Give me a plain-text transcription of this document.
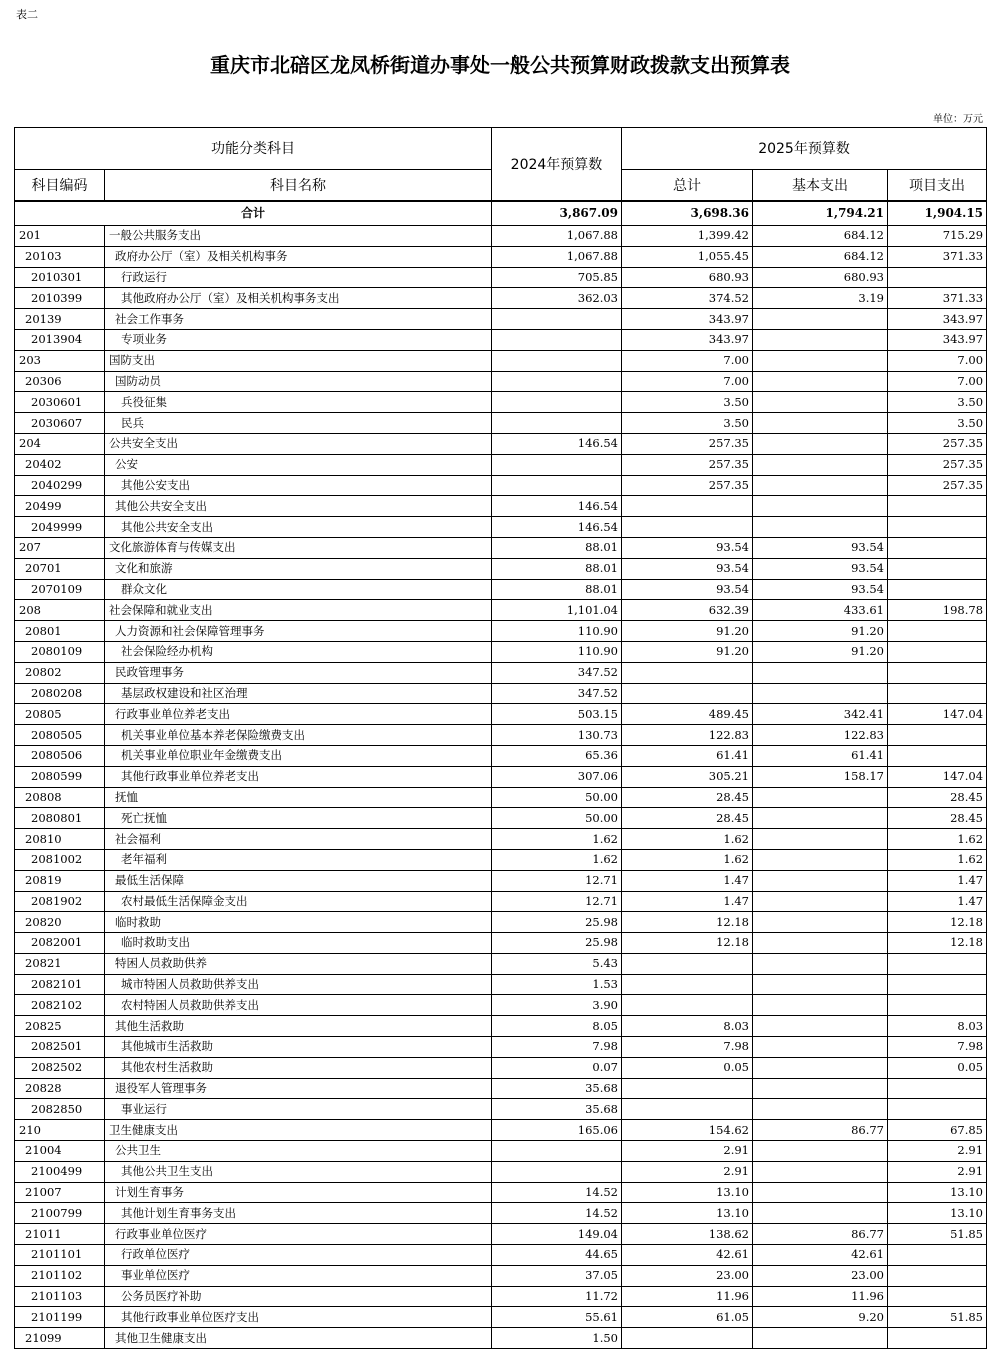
表二
重庆市北碚区龙凤桥街道办事处一般公共预算财政拨款支出预算表
单位：万元
功能分类科目		2024年预算数	2025年预算数		
科目编码	科目名称		总计	基本支出	项目支出
合计		3,867.09	3,698.36	1,794.21	1,904.15
201	一般公共服务支出	1,067.88	1,399.42	684.12	715.29
20103	政府办公厅（室）及相关机构事务	1,067.88	1,055.45	684.12	371.33
2010301	行政运行	705.85	680.93	680.93	
2010399	其他政府办公厅（室）及相关机构事务支出	362.03	374.52	3.19	371.33
20139	社会工作事务		343.97		343.97
2013904	专项业务		343.97		343.97
203	国防支出		7.00		7.00
20306	国防动员		7.00		7.00
2030601	兵役征集		3.50		3.50
2030607	民兵		3.50		3.50
204	公共安全支出	146.54	257.35		257.35
20402	公安		257.35		257.35
2040299	其他公安支出		257.35		257.35
20499	其他公共安全支出	146.54			
2049999	其他公共安全支出	146.54			
207	文化旅游体育与传媒支出	88.01	93.54	93.54	
20701	文化和旅游	88.01	93.54	93.54	
2070109	群众文化	88.01	93.54	93.54	
208	社会保障和就业支出	1,101.04	632.39	433.61	198.78
20801	人力资源和社会保障管理事务	110.90	91.20	91.20	
2080109	社会保险经办机构	110.90	91.20	91.20	
20802	民政管理事务	347.52			
2080208	基层政权建设和社区治理	347.52			
20805	行政事业单位养老支出	503.15	489.45	342.41	147.04
2080505	机关事业单位基本养老保险缴费支出	130.73	122.83	122.83	
2080506	机关事业单位职业年金缴费支出	65.36	61.41	61.41	
2080599	其他行政事业单位养老支出	307.06	305.21	158.17	147.04
20808	抚恤	50.00	28.45		28.45
2080801	死亡抚恤	50.00	28.45		28.45
20810	社会福利	1.62	1.62		1.62
2081002	老年福利	1.62	1.62		1.62
20819	最低生活保障	12.71	1.47		1.47
2081902	农村最低生活保障金支出	12.71	1.47		1.47
20820	临时救助	25.98	12.18		12.18
2082001	临时救助支出	25.98	12.18		12.18
20821	特困人员救助供养	5.43			
2082101	城市特困人员救助供养支出	1.53			
2082102	农村特困人员救助供养支出	3.90			
20825	其他生活救助	8.05	8.03		8.03
2082501	其他城市生活救助	7.98	7.98		7.98
2082502	其他农村生活救助	0.07	0.05		0.05
20828	退役军人管理事务	35.68			
2082850	事业运行	35.68			
210	卫生健康支出	165.06	154.62	86.77	67.85
21004	公共卫生		2.91		2.91
2100499	其他公共卫生支出		2.91		2.91
21007	计划生育事务	14.52	13.10		13.10
2100799	其他计划生育事务支出	14.52	13.10		13.10
21011	行政事业单位医疗	149.04	138.62	86.77	51.85
2101101	行政单位医疗	44.65	42.61	42.61	
2101102	事业单位医疗	37.05	23.00	23.00	
2101103	公务员医疗补助	11.72	11.96	11.96	
2101199	其他行政事业单位医疗支出	55.61	61.05	9.20	51.85
21099	其他卫生健康支出	1.50			
